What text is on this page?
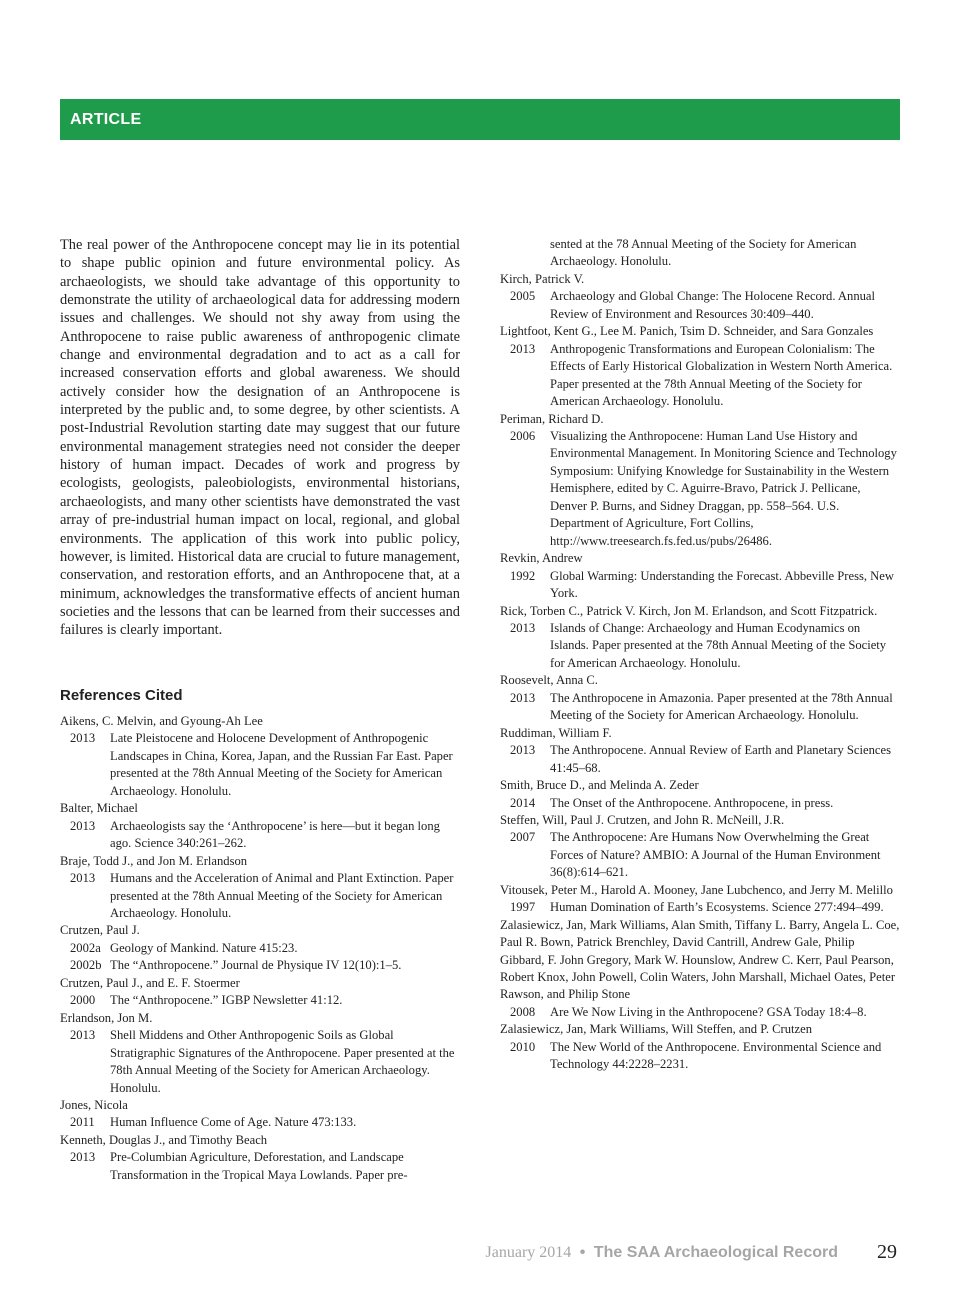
ARTICLE

The real power of the Anthropocene concept may lie in its potential to shape public opinion and future environmental policy. As archaeologists, we should take advantage of this opportunity to demonstrate the utility of archaeological data for addressing modern issues and challenges. We should not shy away from using the Anthropocene to raise public awareness of anthropogenic climate change and environmental degradation and to act as a call for increased conservation efforts and global awareness. We should actively consider how the designation of an Anthropocene is interpreted by the public and, to some degree, by other scientists. A post-Industrial Revolution starting date may suggest that our future environmental management strategies need not consider the deeper history of human impact. Decades of work and progress by ecologists, geologists, paleobiologists, environmental historians, archaeologists, and many other scientists have demonstrated the vast array of pre-industrial human impact on local, regional, and global environments. The application of this work into public policy, however, is limited. Historical data are crucial to future management, conservation, and restoration efforts, and an Anthropocene that, at a minimum, acknowledges the transformative effects of ancient human societies and the lessons that can be learned from their successes and failures is clearly important.

References Cited
Aikens, C. Melvin, and Gyoung-Ah Lee
2013 Late Pleistocene and Holocene Development of Anthropogenic Landscapes in China, Korea, Japan, and the Russian Far East. Paper presented at the 78th Annual Meeting of the Society for American Archaeology. Honolulu.
Balter, Michael
2013 Archaeologists say the ‘Anthropocene’ is here—but it began long ago. Science 340:261–262.
Braje, Todd J., and Jon M. Erlandson
2013 Humans and the Acceleration of Animal and Plant Extinction. Paper presented at the 78th Annual Meeting of the Society for American Archaeology. Honolulu.
Crutzen, Paul J.
2002a Geology of Mankind. Nature 415:23.
2002b The “Anthropocene.” Journal de Physique IV 12(10):1–5.
Crutzen, Paul J., and E. F. Stoermer
2000 The “Anthropocene.” IGBP Newsletter 41:12.
Erlandson, Jon M.
2013 Shell Middens and Other Anthropogenic Soils as Global Stratigraphic Signatures of the Anthropocene. Paper presented at the 78th Annual Meeting of the Society for American Archaeology. Honolulu.
Jones, Nicola
2011 Human Influence Come of Age. Nature 473:133.
Kenneth, Douglas J., and Timothy Beach
2013 Pre-Columbian Agriculture, Deforestation, and Landscape Transformation in the Tropical Maya Lowlands. Paper pre-
sented at the 78 Annual Meeting of the Society for American Archaeology. Honolulu.
Kirch, Patrick V.
2005 Archaeology and Global Change: The Holocene Record. Annual Review of Environment and Resources 30:409–440.
Lightfoot, Kent G., Lee M. Panich, Tsim D. Schneider, and Sara Gonzales
2013 Anthropogenic Transformations and European Colonialism: The Effects of Early Historical Globalization in Western North America. Paper presented at the 78th Annual Meeting of the Society for American Archaeology. Honolulu.
Periman, Richard D.
2006 Visualizing the Anthropocene: Human Land Use History and Environmental Management. In Monitoring Science and Technology Symposium: Unifying Knowledge for Sustainability in the Western Hemisphere, edited by C. Aguirre-Bravo, Patrick J. Pellicane, Denver P. Burns, and Sidney Draggan, pp. 558–564. U.S. Department of Agriculture, Fort Collins, http://www.treesearch.fs.fed.us/pubs/26486.
Revkin, Andrew
1992 Global Warming: Understanding the Forecast. Abbeville Press, New York.
Rick, Torben C., Patrick V. Kirch, Jon M. Erlandson, and Scott Fitzpatrick.
2013 Islands of Change: Archaeology and Human Ecodynamics on Islands. Paper presented at the 78th Annual Meeting of the Society for American Archaeology. Honolulu.
Roosevelt, Anna C.
2013 The Anthropocene in Amazonia. Paper presented at the 78th Annual Meeting of the Society for American Archaeology. Honolulu.
Ruddiman, William F.
2013 The Anthropocene. Annual Review of Earth and Planetary Sciences 41:45–68.
Smith, Bruce D., and Melinda A. Zeder
2014 The Onset of the Anthropocene. Anthropocene, in press.
Steffen, Will, Paul J. Crutzen, and John R. McNeill, J.R.
2007 The Anthropocene: Are Humans Now Overwhelming the Great Forces of Nature? AMBIO: A Journal of the Human Environment 36(8):614–621.
Vitousek, Peter M., Harold A. Mooney, Jane Lubchenco, and Jerry M. Melillo
1997 Human Domination of Earth’s Ecosystems. Science 277:494–499.
Zalasiewicz, Jan, Mark Williams, Alan Smith, Tiffany L. Barry, Angela L. Coe, Paul R. Bown, Patrick Brenchley, David Cantrill, Andrew Gale, Philip Gibbard, F. John Gregory, Mark W. Hounslow, Andrew C. Kerr, Paul Pearson, Robert Knox, John Powell, Colin Waters, John Marshall, Michael Oates, Peter Rawson, and Philip Stone
2008 Are We Now Living in the Anthropocene? GSA Today 18:4–8.
Zalasiewicz, Jan, Mark Williams, Will Steffen, and P. Crutzen
2010 The New World of the Anthropocene. Environmental Science and Technology 44:2228–2231.
January 2014 • The SAA Archaeological Record 29
